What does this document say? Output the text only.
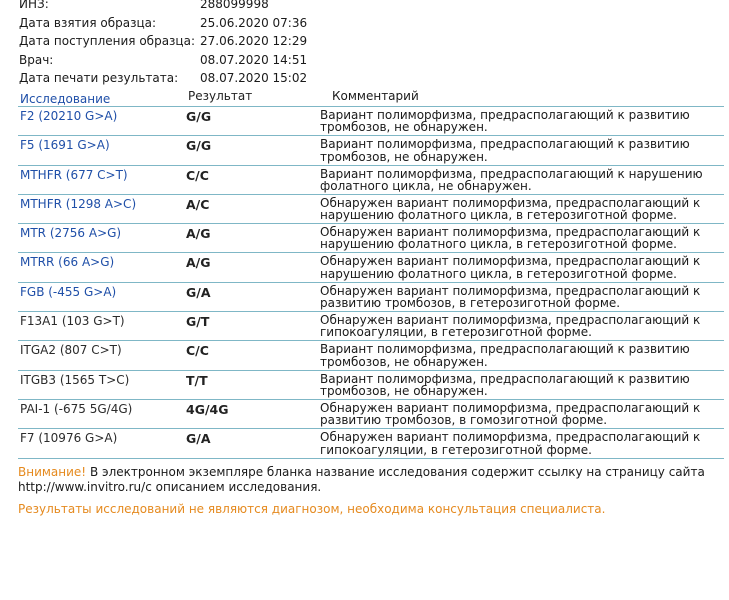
ИНЗ:	288099998
Дата взятия образца:	25.06.2020 07:36
Дата поступления образца: 27.06.2020 12:29
Врач:	08.07.2020 14:51
Дата печати результата:	08.07.2020 15:02
Исследование	Результат	Комментарий
F2 (20210 G>A)	G/G	Вариант полиморфизма, предрасполагающий к развитию
тромбозов, не обнаружен.
F5 (1691 G>A)	G/G	Вариант полиморфизма, предрасполагающий к развитию
тромбозов, не обнаружен.
MTHFR (677 C>T)	C/C	Вариант полиморфизма, предрасполагающий к нарушению
фолатного цикла, не обнаружен.
MTHFR (1298 A>C)	A/C	Обнаружен вариант полиморфизма, предрасполагающий к
нарушению фолатного цикла, в гетерозиготной форме.
MTR (2756 A>G)	A/G	Обнаружен вариант полиморфизма, предрасполагающий к
нарушению фолатного цикла, в гетерозиготной форме.
MTRR (66 A>G)	A/G	Обнаружен вариант полиморфизма, предрасполагающий к
нарушению фолатного цикла, в гетерозиготной форме.
FGB (-455 G>A)	G/A	Обнаружен вариант полиморфизма, предрасполагающий к
развитию тромбозов, в гетерозиготной форме.
F13A1 (103 G>T)	G/T	Обнаружен вариант полиморфизма, предрасполагающий к
гипокоагуляции, в гетерозиготной форме.
ITGA2 (807 C>T)	C/C	Вариант полиморфизма, предрасполагающий к развитию
тромбозов, не обнаружен.
ITGB3 (1565 T>C)	T/T	Вариант полиморфизма, предрасполагающий к развитию
тромбозов, не обнаружен.
PAI-1 (-675 5G/4G)	4G/4G	Обнаружен вариант полиморфизма, предрасполагающий к
развитию тромбозов, в гомозиготной форме.
F7 (10976 G>A)	G/A	Обнаружен вариант полиморфизма, предрасполагающий к
гипокоагуляции, в гетерозиготной форме.
Внимание! В электронном экземпляре бланка название исследования содержит ссылку на страницу сайта
http://www.invitro.ru/с описанием исследования.
Результаты исследований не являются диагнозом, необходима консультация специалиста.
